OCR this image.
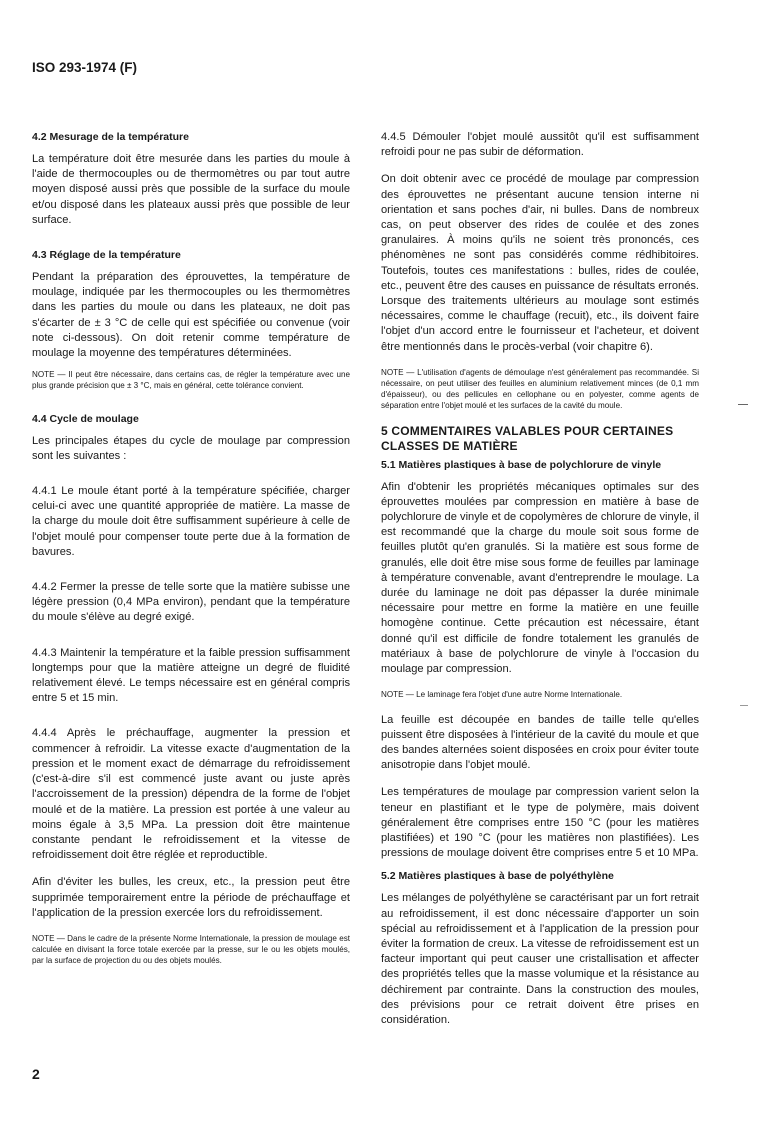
ISO 293-1974 (F)
4.2 Mesurage de la température

La température doit être mesurée dans les parties du moule à l'aide de thermocouples ou de thermomètres ou par tout autre moyen disposé aussi près que possible de la surface du moule et/ou disposé dans les plateaux aussi près que possible de leur surface.

4.3 Réglage de la température

Pendant la préparation des éprouvettes, la température de moulage, indiquée par les thermocouples ou les thermomètres dans les parties du moule ou dans les plateaux, ne doit pas s'écarter de ± 3 °C de celle qui est spécifiée ou convenue (voir note ci-dessous). On doit retenir comme température de moulage la moyenne des températures déterminées.

NOTE — Il peut être nécessaire, dans certains cas, de régler la température avec une plus grande précision que ± 3 °C, mais en général, cette tolérance convient.

4.4 Cycle de moulage

Les principales étapes du cycle de moulage par compression sont les suivantes :

4.4.1 Le moule étant porté à la température spécifiée, charger celui-ci avec une quantité appropriée de matière. La masse de la charge du moule doit être suffisamment supérieure à celle de l'objet moulé pour compenser toute perte due à la formation de bavures.

4.4.2 Fermer la presse de telle sorte que la matière subisse une légère pression (0,4 MPa environ), pendant que la température du moule s'élève au degré exigé.

4.4.3 Maintenir la température et la faible pression suffisamment longtemps pour que la matière atteigne un degré de fluidité relativement élevé. Le temps nécessaire est en général compris entre 5 et 15 min.

4.4.4 Après le préchauffage, augmenter la pression et commencer à refroidir. La vitesse exacte d'augmentation de la pression et le moment exact de démarrage du refroidissement (c'est-à-dire s'il est commencé juste avant ou juste après l'accroissement de la pression) dépendra de la forme de l'objet moulé et de la matière. La pression est portée à une valeur au moins égale à 3,5 MPa. La pression doit être maintenue constante pendant le refroidissement et la vitesse de refroidissement doit être réglée et reproductible.

Afin d'éviter les bulles, les creux, etc., la pression peut être supprimée temporairement entre la période de préchauffage et l'application de la pression exercée lors du refroidissement.

NOTE — Dans le cadre de la présente Norme Internationale, la pression de moulage est calculée en divisant la force totale exercée par la presse, sur le ou les objets moulés, par la surface de projection du ou des objets moulés.

4.4.5 Démouler l'objet moulé aussitôt qu'il est suffisamment refroidi pour ne pas subir de déformation.

On doit obtenir avec ce procédé de moulage par compression des éprouvettes ne présentant aucune tension interne ni orientation et sans poches d'air, ni bulles. Dans de nombreux cas, on peut observer des rides de coulée et des zones granulaires. À moins qu'ils ne soient très prononcés, ces phénomènes ne sont pas considérés comme rédhibitoires. Toutefois, toutes ces manifestations : bulles, rides de coulée, etc., peuvent être des causes en puissance de résultats erronés. Lorsque des traitements ultérieurs au moulage sont estimés nécessaires, comme le chauffage (recuit), etc., ils doivent faire l'objet d'un accord entre le fournisseur et l'acheteur, et doivent être mentionnés dans le procès-verbal (voir chapitre 6).

NOTE — L'utilisation d'agents de démoulage n'est généralement pas recommandée. Si nécessaire, on peut utiliser des feuilles en aluminium relativement minces (de 0,1 mm d'épaisseur), ou des pellicules en cellophane ou en polyester, comme agents de séparation entre l'objet moulé et les surfaces de la cavité du moule.

5 COMMENTAIRES VALABLES POUR CERTAINES CLASSES DE MATIÈRE
5.1 Matières plastiques à base de polychlorure de vinyle

Afin d'obtenir les propriétés mécaniques optimales sur des éprouvettes moulées par compression en matière à base de polychlorure de vinyle et de copolymères de chlorure de vinyle, il est recommandé que la charge du moule soit sous forme de feuilles plutôt qu'en granulés. Si la matière est sous forme de granulés, elle doit être mise sous forme de feuilles par laminage à température convenable, avant d'entreprendre le moulage. La durée du laminage ne doit pas dépasser la durée minimale nécessaire pour mettre en forme la matière en une feuille homogène continue. Cette précaution est nécessaire, étant donné qu'il est difficile de fondre totalement les granulés de matériaux à base de polychlorure de vinyle à l'occasion du moulage par compression.

NOTE — Le laminage fera l'objet d'une autre Norme Internationale.

La feuille est découpée en bandes de taille telle qu'elles puissent être disposées à l'intérieur de la cavité du moule et que des bandes alternées soient disposées en croix pour éviter toute anisotropie dans l'objet moulé.

Les températures de moulage par compression varient selon la teneur en plastifiant et le type de polymère, mais doivent généralement être comprises entre 150 °C (pour les matières plastifiées) et 190 °C (pour les matières non plastifiées). Les pressions de moulage doivent être comprises entre 5 et 10 MPa.

5.2 Matières plastiques à base de polyéthylène

Les mélanges de polyéthylène se caractérisant par un fort retrait au refroidissement, il est donc nécessaire d'apporter un soin spécial au refroidissement et à l'application de la pression pour éviter la formation de creux. La vitesse de refroidissement est un facteur important qui peut causer une cristallisation et affecter des propriétés telles que la masse volumique et la résistance au déchirement par contrainte. Dans la construction des moules, des prévisions pour ce retrait doivent être prises en considération.

2
